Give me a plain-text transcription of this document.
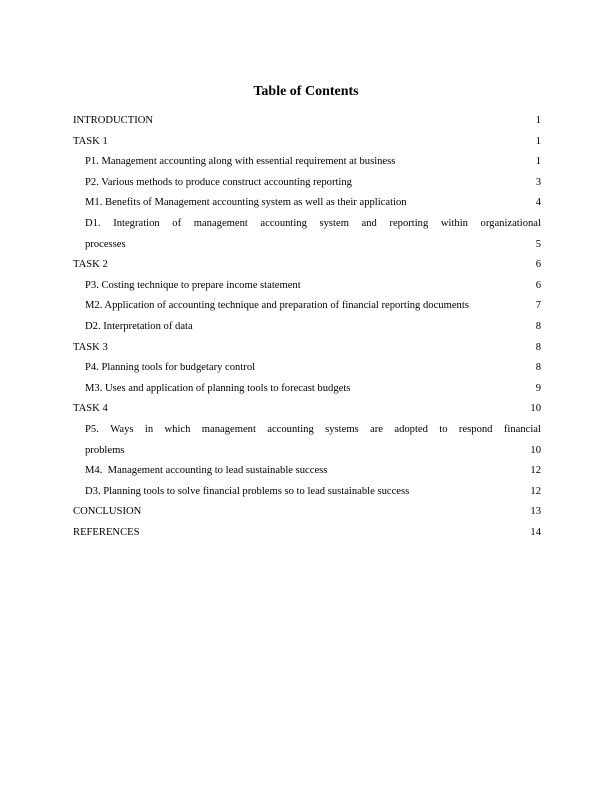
Table of Contents
INTRODUCTION	1
TASK 1	1
P1. Management accounting along with essential requirement at business	1
P2. Various methods to produce construct accounting reporting	3
M1. Benefits of Management accounting system as well as their application	4
D1. Integration of management accounting system and reporting within organizational
processes	5
TASK 2	6
P3. Costing technique to prepare income statement	6
M2. Application of accounting technique and preparation of financial reporting documents	7
D2. Interpretation of data	8
TASK 3	8
P4. Planning tools for budgetary control	8
M3. Uses and application of planning tools to forecast budgets	9
TASK 4	10
P5. Ways in which management accounting systems are adopted to respond financial
problems	10
M4.  Management accounting to lead sustainable success	12
D3. Planning tools to solve financial problems so to lead sustainable success	12
CONCLUSION	13
REFERENCES	14
